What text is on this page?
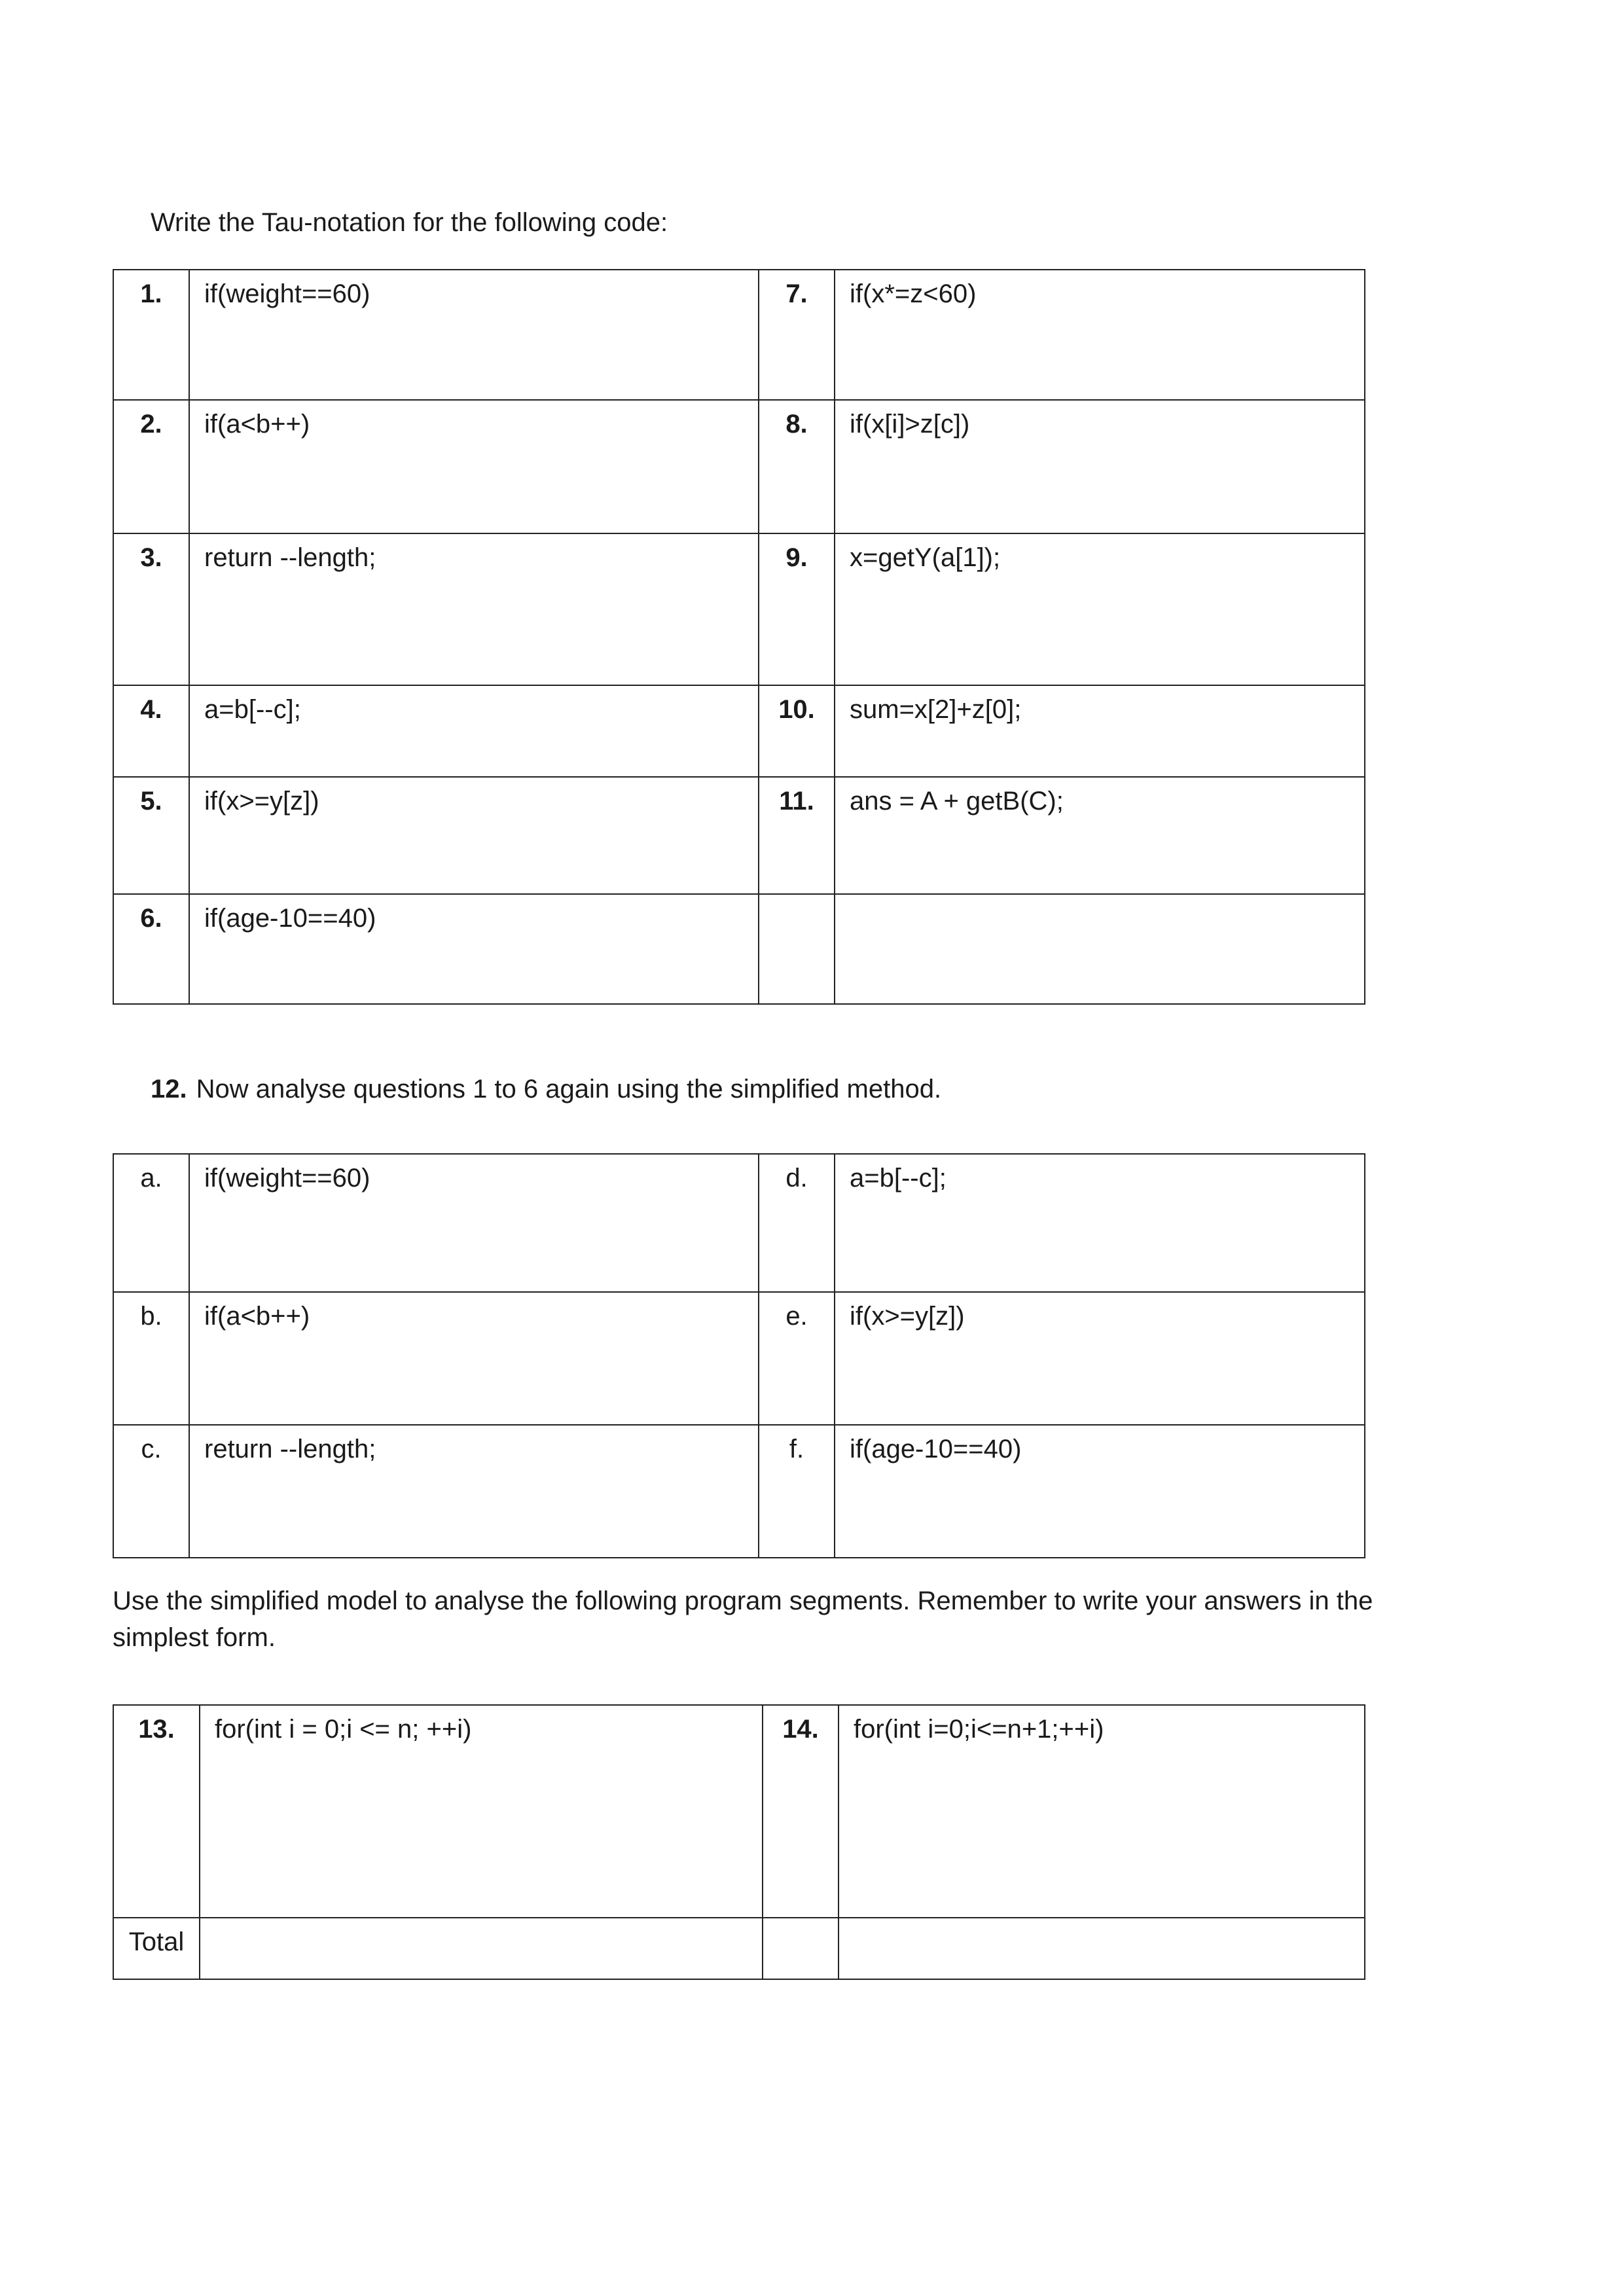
Write the Tau-notation for the following code:
1.	if(weight==60)	7.	if(x*=z<60)
2.	if(a<b++)	8.	if(x[i]>z[c])
3.	return --length;	9.	x=getY(a[1]);
4.	a=b[--c];	10.	sum=x[2]+z[0];
5.	if(x>=y[z])	11.	ans = A + getB(C);
6.	if(age-10==40)		
12. Now analyse questions 1 to 6 again using the simplified method.
a.	if(weight==60)	d.	a=b[--c];
b.	if(a<b++)	e.	if(x>=y[z])
c.	return --length;	f.	if(age-10==40)
Use the simplified model to analyse the following program segments. Remember to write your answers in the simplest form.
13.	for(int i = 0;i <= n; ++i)	14.	for(int i=0;i<=n+1;++i)
Total			
